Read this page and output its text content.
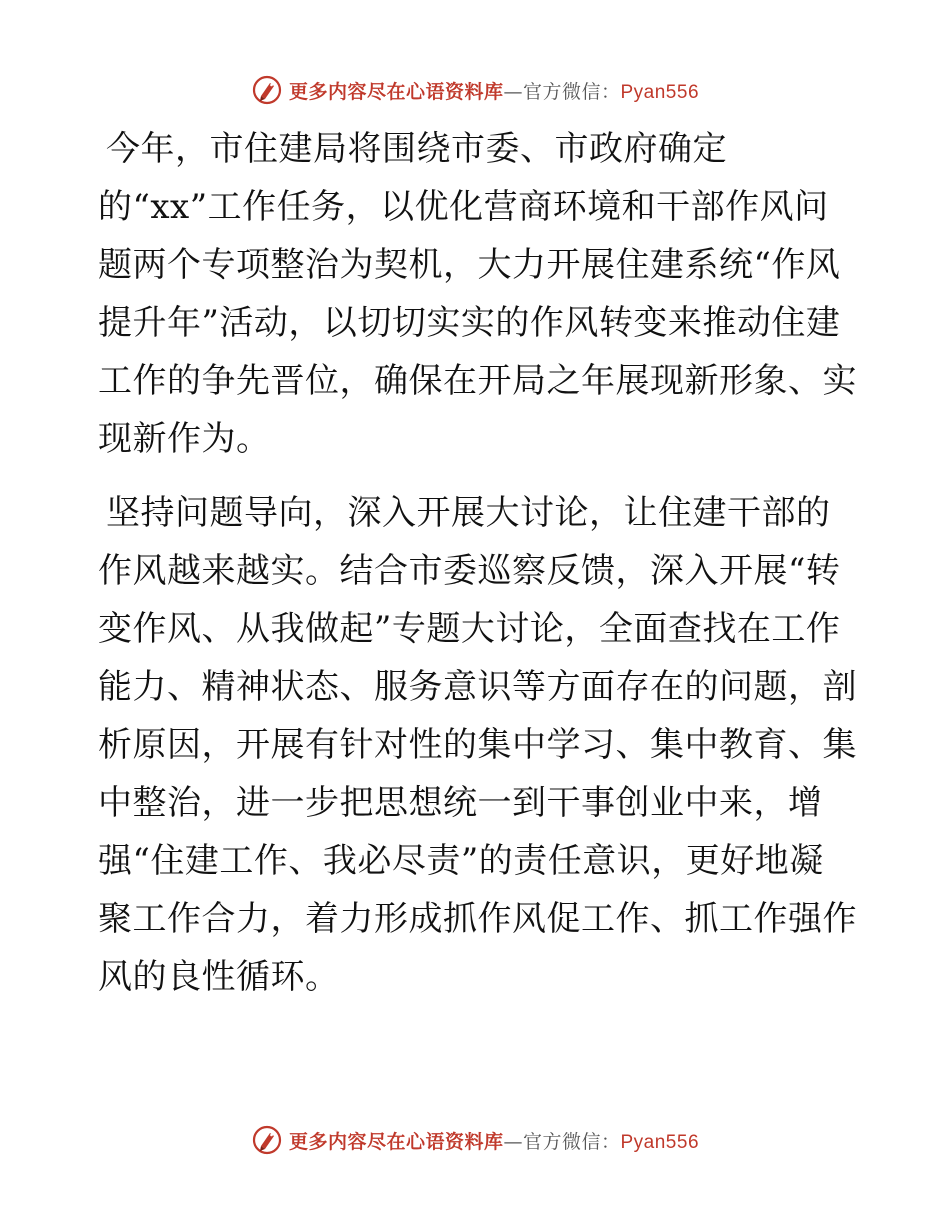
更多内容尽在心语资料库—官方微信：Pyan556
今年，市住建局将围绕市委、市政府确定
的“xx”工作任务，以优化营商环境和干部作风问
题两个专项整治为契机，大力开展住建系统“作风
提升年”活动，以切切实实的作风转变来推动住建
工作的争先晋位，确保在开局之年展现新形象、实
现新作为。
坚持问题导向，深入开展大讨论，让住建干部的
作风越来越实。结合市委巡察反馈，深入开展“转
变作风、从我做起”专题大讨论，全面查找在工作
能力、精神状态、服务意识等方面存在的问题，剖
析原因，开展有针对性的集中学习、集中教育、集
中整治，进一步把思想统一到干事创业中来，增
强“住建工作、我必尽责”的责任意识，更好地凝
聚工作合力，着力形成抓作风促工作、抓工作强作
风的良性循环。
更多内容尽在心语资料库—官方微信：Pyan556
